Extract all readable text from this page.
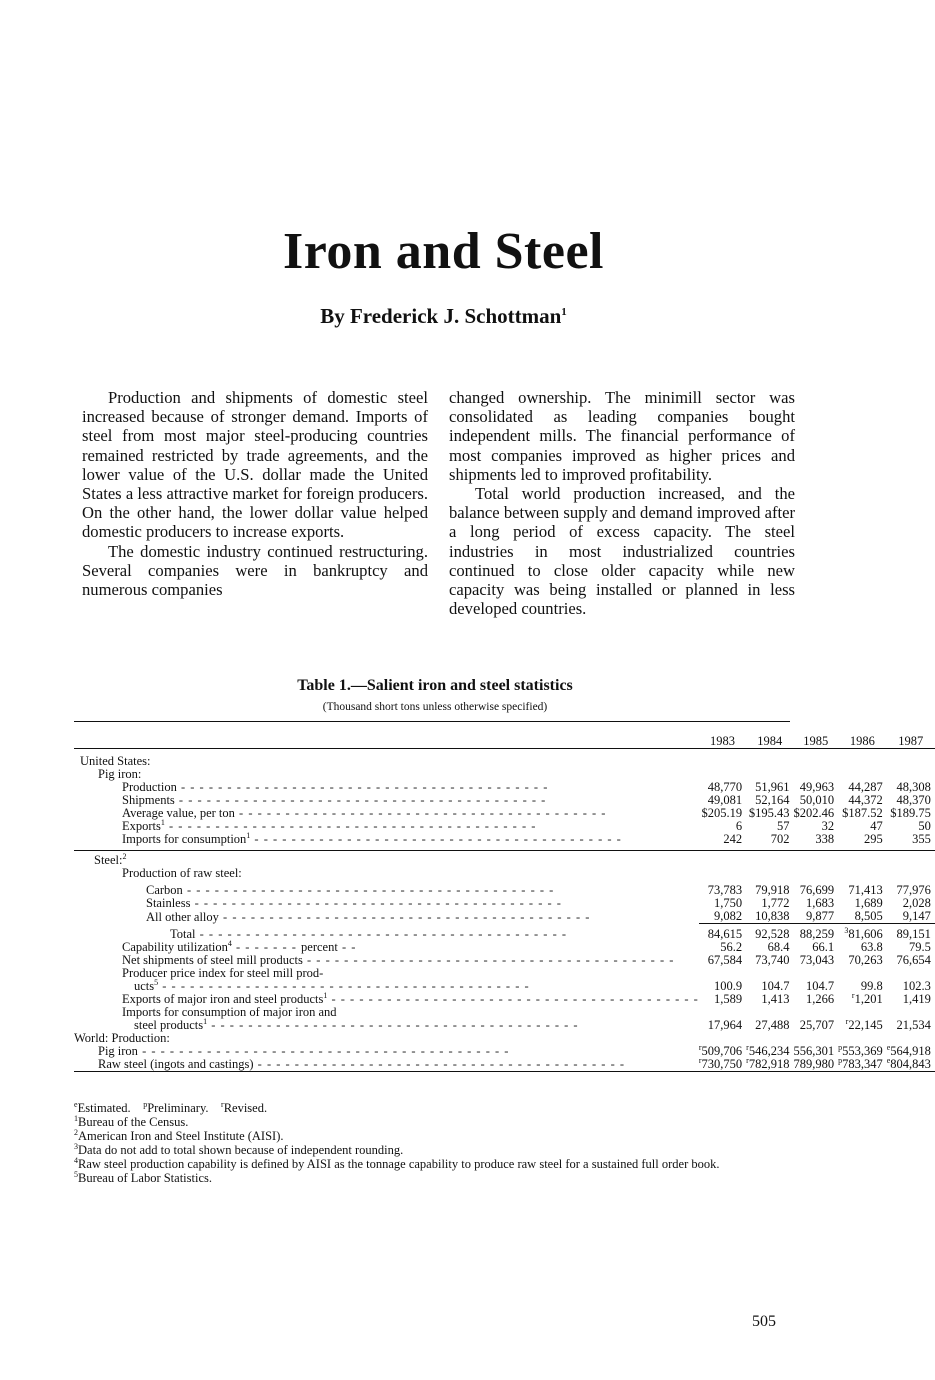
Iron and Steel
By Frederick J. Schottman$^1$

Production and shipments of domestic steel increased because of stronger demand. Imports of steel from most major steel-producing countries remained restricted by trade agreements, and the lower value of the U.S. dollar made the United States a less attractive market for foreign producers. On the other hand, the lower dollar value helped domestic producers to increase exports.

The domestic industry continued restructuring. Several companies were in bankruptcy and numerous companies

changed ownership. The minimill sector was consolidated as leading companies bought independent mills. The financial performance of most companies improved as higher prices and shipments led to improved profitability.

Total world production increased, and the balance between supply and demand improved after a long period of excess capacity. The steel industries in most industrialized countries continued to close older capacity while new capacity was being installed or planned in less developed countries.

Table 1.—Salient iron and steel statistics
(Thousand short tons unless otherwise specified)
	1983	1984	1985	1986	1987

United States:					
Pig iron:					
Production - - - - - - - - - - - - - - - - - - - - - - - - - - - - - - - - - - - - - - - -	48,770	51,961	49,963	44,287	48,308
Shipments - - - - - - - - - - - - - - - - - - - - - - - - - - - - - - - - - - - - - - - -	49,081	52,164	50,010	44,372	48,370
Average value, per ton - - - - - - - - - - - - - - - - - - - - - - - - - - - - - - - - - - - - - - - -	$205.19	$195.43	$202.46	$187.52	$189.75
Exports$^1$ - - - - - - - - - - - - - - - - - - - - - - - - - - - - - - - - - - - - - - - -	6	57	32	47	50
Imports for consumption$^1$ - - - - - - - - - - - - - - - - - - - - - - - - - - - - - - - - - - - - - - - -	242	702	338	295	355

Steel:$^2$
Production of raw steel:					

Carbon - - - - - - - - - - - - - - - - - - - - - - - - - - - - - - - - - - - - - - - -	73,783	79,918	76,699	71,413	77,976
Stainless - - - - - - - - - - - - - - - - - - - - - - - - - - - - - - - - - - - - - - - -	1,750	1,772	1,683	1,689	2,028
All other alloy - - - - - - - - - - - - - - - - - - - - - - - - - - - - - - - - - - - - - - - -	9,082	10,838	9,877	8,505	9,147

Total - - - - - - - - - - - - - - - - - - - - - - - - - - - - - - - - - - - - - - - -	84,615	92,528	88,259	$^3$81,606	89,151
Capability utilization$^4$ - - - - - - - percent - -	56.2	68.4	66.1	63.8	79.5
Net shipments of steel mill products - - - - - - - - - - - - - - - - - - - - - - - - - - - - - - - - - - - - - - - -	67,584	73,740	73,043	70,263	76,654
Producer price index for steel mill prod-					
ucts$^5$ - - - - - - - - - - - - - - - - - - - - - - - - - - - - - - - - - - - - - - - -	100.9	104.7	104.7	99.8	102.3
Exports of major iron and steel products$^1$ - - - - - - - - - - - - - - - - - - - - - - - - - - - - - - - - - - - - - - - -	1,589	1,413	1,266	$^r$1,201	1,419
Imports for consumption of major iron and					
steel products$^1$ - - - - - - - - - - - - - - - - - - - - - - - - - - - - - - - - - - - - - - - -	17,964	27,488	25,707	$^r$22,145	21,534
World: Production:					
Pig iron - - - - - - - - - - - - - - - - - - - - - - - - - - - - - - - - - - - - - - - -	$^r$509,706	$^r$546,234	556,301	$^p$553,369	$^e$564,918
Raw steel (ingots and castings) - - - - - - - - - - - - - - - - - - - - - - - - - - - - - - - - - - - - - - - -	$^r$730,750	$^r$782,918	789,980	$^p$783,347	$^e$804,843
$^e$Estimated. $^p$Preliminary. $^r$Revised.
$^1$Bureau of the Census.
$^2$American Iron and Steel Institute (AISI).
$^3$Data do not add to total shown because of independent rounding.
$^4$Raw steel production capability is defined by AISI as the tonnage capability to produce raw steel for a sustained full order book.
$^5$Bureau of Labor Statistics.
505
